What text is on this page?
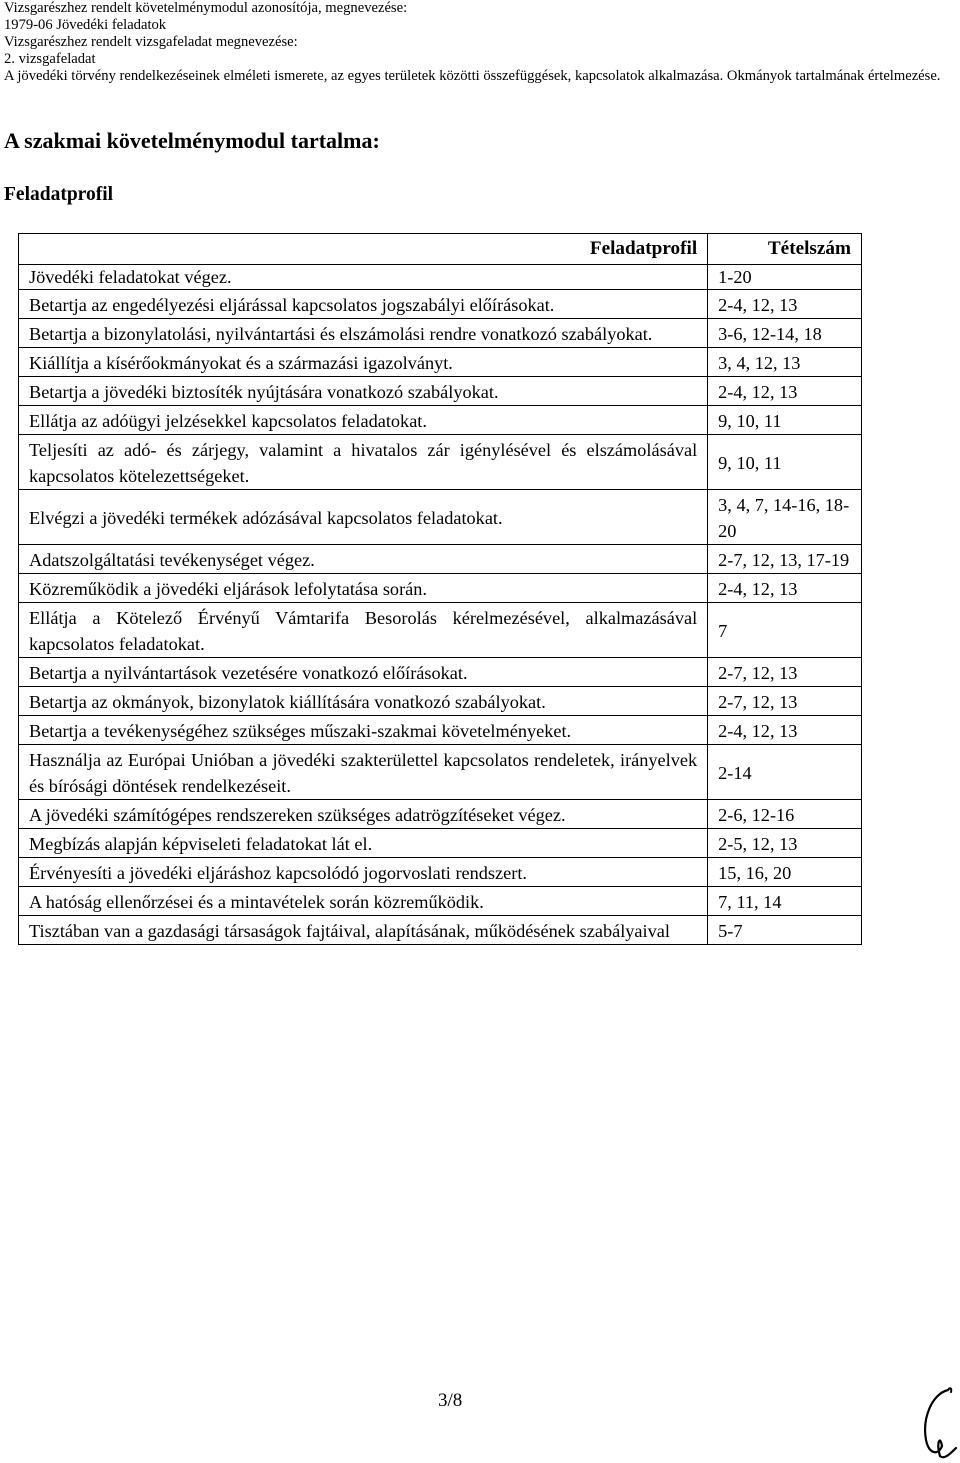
Vizsgarészhez rendelt követelménymodul azonosítója, megnevezése:
1979-06 Jövedéki feladatok
Vizsgarészhez rendelt vizsgafeladat megnevezése:
2. vizsgafeladat
A jövedéki törvény rendelkezéseinek elméleti ismerete, az egyes területek közötti összefüggések, kapcsolatok alkalmazása. Okmányok tartalmának értelmezése.
A szakmai követelménymodul tartalma:
Feladatprofil
Feladatprofil	Tételszám
Jövedéki feladatokat végez.	1-20
Betartja az engedélyezési eljárással kapcsolatos jogszabályi előírásokat.	2-4, 12, 13
Betartja a bizonylatolási, nyilvántartási és elszámolási rendre vonatkozó szabályokat.	3-6, 12-14, 18
Kiállítja a kísérőokmányokat és a származási igazolványt.	3, 4, 12, 13
Betartja a jövedéki biztosíték nyújtására vonatkozó szabályokat.	2-4, 12, 13
Ellátja az adóügyi jelzésekkel kapcsolatos feladatokat.	9, 10, 11
Teljesíti az adó- és zárjegy, valamint a hivatalos zár igénylésével és elszámolásával kapcsolatos kötelezettségeket.	9, 10, 11
Elvégzi a jövedéki termékek adózásával kapcsolatos feladatokat.	3, 4, 7, 14-16, 18-20
Adatszolgáltatási tevékenységet végez.	2-7, 12, 13, 17-19
Közreműködik a jövedéki eljárások lefolytatása során.	2-4, 12, 13
Ellátja a Kötelező Érvényű Vámtarifa Besorolás kérelmezésével, alkalmazásával kapcsolatos feladatokat.	7
Betartja a nyilvántartások vezetésére vonatkozó előírásokat.	2-7, 12, 13
Betartja az okmányok, bizonylatok kiállítására vonatkozó szabályokat.	2-7, 12, 13
Betartja a tevékenységéhez szükséges műszaki-szakmai követelményeket.	2-4, 12, 13
Használja az Európai Unióban a jövedéki szakterülettel kapcsolatos rendeletek, irányelvek és bírósági döntések rendelkezéseit.	2-14
A jövedéki számítógépes rendszereken szükséges adatrögzítéseket végez.	2-6, 12-16
Megbízás alapján képviseleti feladatokat lát el.	2-5, 12, 13
Érvényesíti a jövedéki eljáráshoz kapcsolódó jogorvoslati rendszert.	15, 16, 20
A hatóság ellenőrzései és a mintavételek során közreműködik.	7, 11, 14
Tisztában van a gazdasági társaságok fajtáival, alapításának, működésének szabályaival	5-7
3/8
